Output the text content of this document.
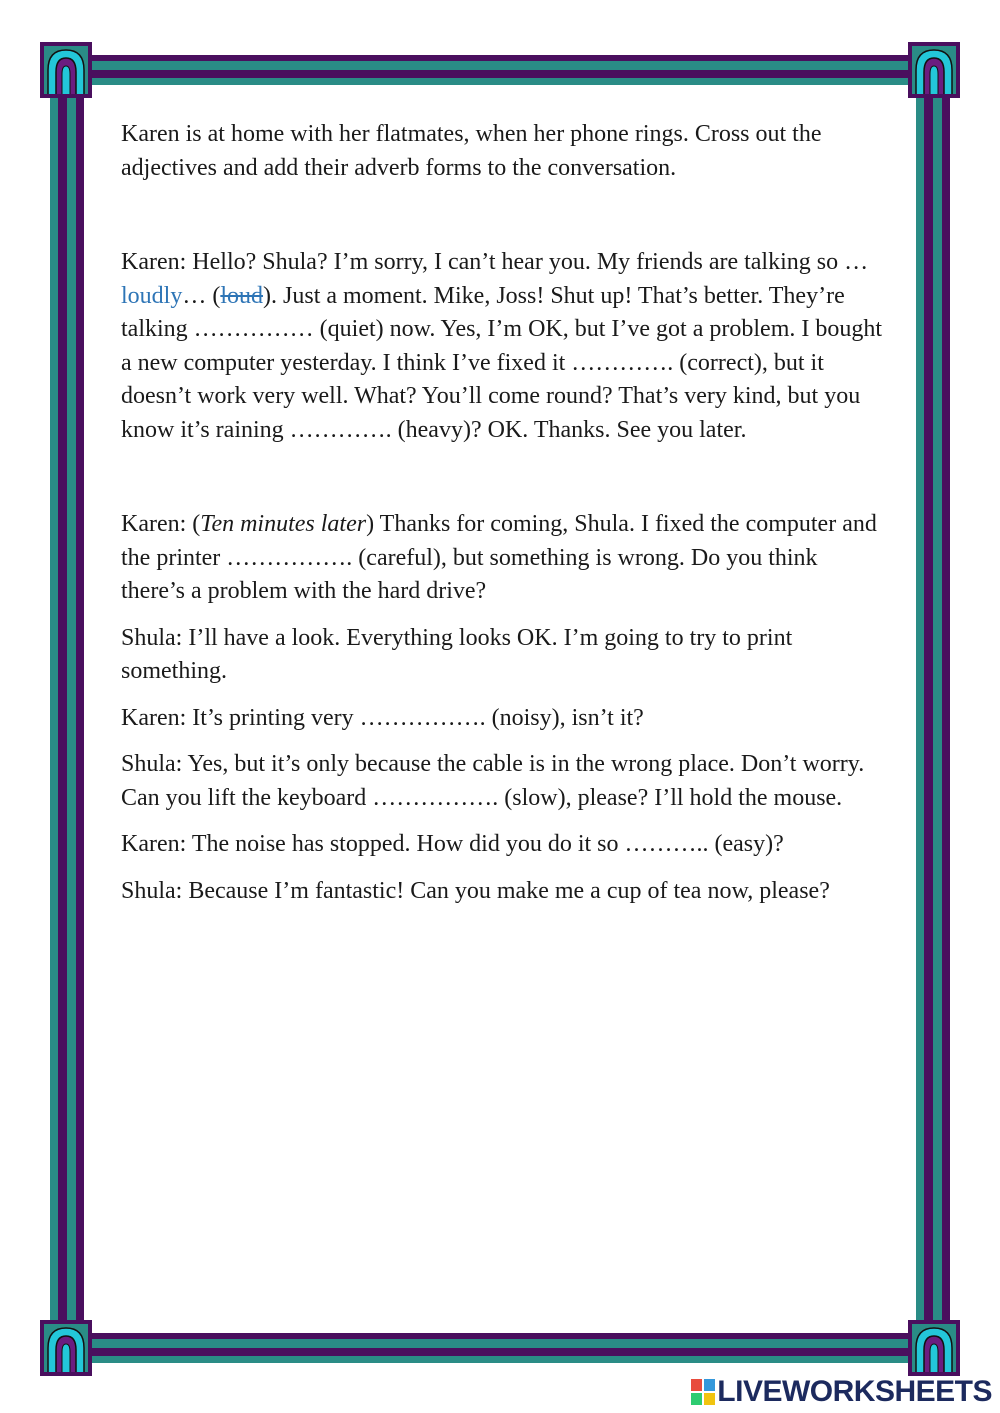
Karen is at home with her flatmates, when her phone rings. Cross out the adjectives and add their adverb forms to the conversation.

Karen: Hello? Shula? I’m sorry, I can’t hear you. My friends are talking so …loudly… (loud). Just a moment. Mike, Joss! Shut up! That’s better. They’re talking …………… (quiet) now. Yes, I’m OK, but I’ve got a problem. I bought a new computer yesterday. I think I’ve fixed it …………. (correct), but it doesn’t work very well. What? You’ll come round? That’s very kind, but you know it’s raining …………. (heavy)? OK. Thanks. See you later.

Karen: (Ten minutes later) Thanks for coming, Shula. I fixed the computer and the printer ……………. (careful), but something is wrong. Do you think there’s a problem with the hard drive?

Shula: I’ll have a look. Everything looks OK. I’m going to try to print something.

Karen: It’s printing very ……………. (noisy), isn’t it?

Shula: Yes, but it’s only because the cable is in the wrong place. Don’t worry. Can you lift the keyboard ……………. (slow), please? I’ll hold the mouse.

Karen: The noise has stopped. How did you do it so ……….. (easy)?

Shula: Because I’m fantastic! Can you make me a cup of tea now, please?

LIVEWORKSHEETS
